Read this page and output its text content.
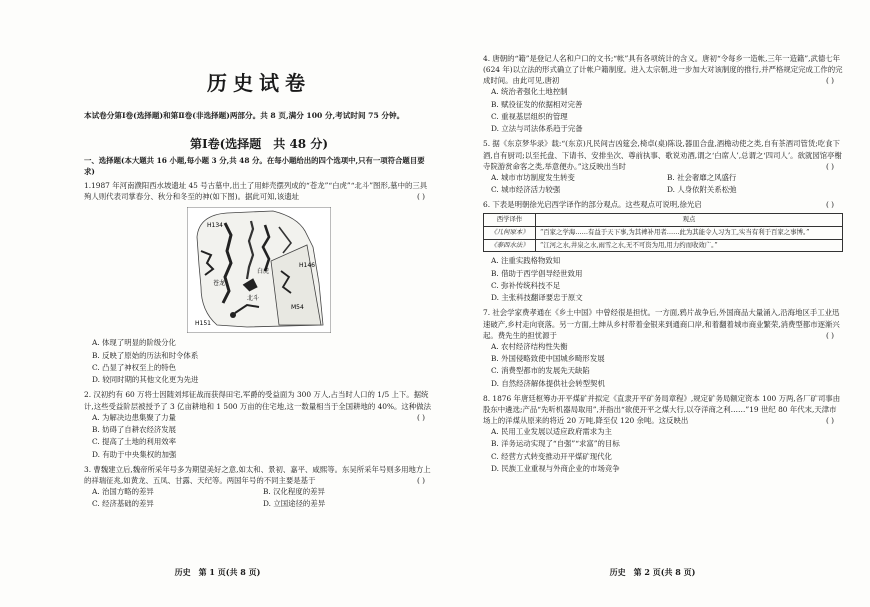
历史试卷
本试卷分第Ⅰ卷(选择题)和第Ⅱ卷(非选择题)两部分。共 8 页,满分 100 分,考试时间 75 分钟。
第Ⅰ卷(选择题 共 48 分)
一、选择题(本大题共 16 小题,每小题 3 分,共 48 分。在每小题给出的四个选项中,只有一项符合题目要求)
1.1987 年河南濮阳西水坡遗址 45 号古墓中,出土了用蚌壳摆列成的“苍龙”“白虎”“北斗”图形,墓中的三具殉人则代表司掌春分、秋分和冬至的神(如下图)。据此可知,该遗址	( )
H134
H146
苍龙
白虎
北斗
M54
H151
A. 体现了明显的阶级分化
B. 反映了原始的历法和时令体系
C. 凸显了神权至上的特色
D. 较同时期的其他文化更为先进
2. 汉初约有 60 万将士因随刘邦征战而获得田宅,军爵的受益面为 300 万人,占当时人口的 1/5 上下。据统计,这些受益阶层被授予了 3 亿亩耕地和 1 500 万亩的住宅地,这一数量相当于全国耕地的 40%。这种做法
( )
A. 为解决边患集聚了力量
B. 妨碍了自耕农经济发展
C. 提高了土地的利用效率
D. 有助于中央集权的加强
3. 曹魏建立后,魏帝所采年号多为期望美好之意,如太和、景初、嘉平、咸熙等。东吴所采年号则多用地方上的祥瑞征兆,如黄龙、五凤、甘露、天纪等。两国年号的不同主要是基于	( )
A. 治国方略的差异	B. 汉化程度的差异
C. 经济基础的差异	D. 立国途径的差异
历史 第 1 页(共 8 页)
4. 唐朝的“籍”是登记人名和户口的文书;“帐”具有各项统计的含义。唐初“令每乡一造帐,三年一造籍”,武德七年(624 年)以立法的形式确立了计帐户籍制度。进入太宗朝,进一步加大对该制度的推行,并严格规定完成工作的完成时间。由此可见,唐初	( )
A. 统治者强化土地控制
B. 赋役征发的依据相对完善
C. 重视基层组织的管理
D. 立法与司法体系趋于完备
5. 据《东京梦华录》载:“(东京)凡民间吉凶筵会,椅卓(桌)陈设,器皿合盘,酒檐动使之类,自有茶酒司管赁;吃食下酒,自有厨司;以至托盘、下请书、安排坐次、尊前执事、歌说劝酒,谓之‘白席人’,总谓之‘四司人’。欲就园馆亭榭寺院游赏命客之类,举意便办。”这反映出当时	( )
A. 城市市坊制度发生转变	B. 社会奢靡之风盛行
C. 城市经济活力较强	D. 人身依附关系松弛
6. 下表是明朝徐光启西学译作的部分观点。这些观点可说明,徐光启	( )
西学译作	观点
《几何原本》	“百家之学海……有益于天下事,为其裨补用者……此为其能令人习为工,实当有利于百家之事博。”
《泰西水法》	“江河之水,井泉之水,雨雪之水,无不可资为用,用力约而收效广。”
A. 注重实践格物致知
B. 借助于西学倡导经世致用
C. 弥补传统科技不足
D. 主张科技翻译要忠于原文
7. 社会学家费孝通在《乡土中国》中曾经很是担忧。一方面,鸦片战争后,外国商品大量涌入,沿海地区手工业迅速破产,乡村走向衰落。另一方面,土绅从乡村带着金银来到通商口岸,和着翻着城市商业繁荣,消费型都市逐渐兴起。费先生的担忧源于	( )
A. 农村经济结构性失衡
B. 外国侵略致使中国城乡畸形发展
C. 消费型都市的发展先天缺陷
D. 自然经济解体提供社会转型契机
8. 1876 年唐廷枢筹办开平煤矿并拟定《直隶开平矿务局章程》,规定矿务局额定资本 100 万两,各厂矿司事由股东中遴选;产品“先听机器局取用”,并指出“欲使开平之煤大行,以夺洋商之利……”19 世纪 80 年代末,天津市场上的洋煤从原来的将近 20 万吨,降至仅 120 余吨。这反映出	( )
A. 民用工业发展以适应政府需求为主
B. 洋务运动实现了“自强”“求富”的目标
C. 经营方式转变推动开平煤矿现代化
D. 民族工业重视与外商企业的市场竞争
历史 第 2 页(共 8 页)
